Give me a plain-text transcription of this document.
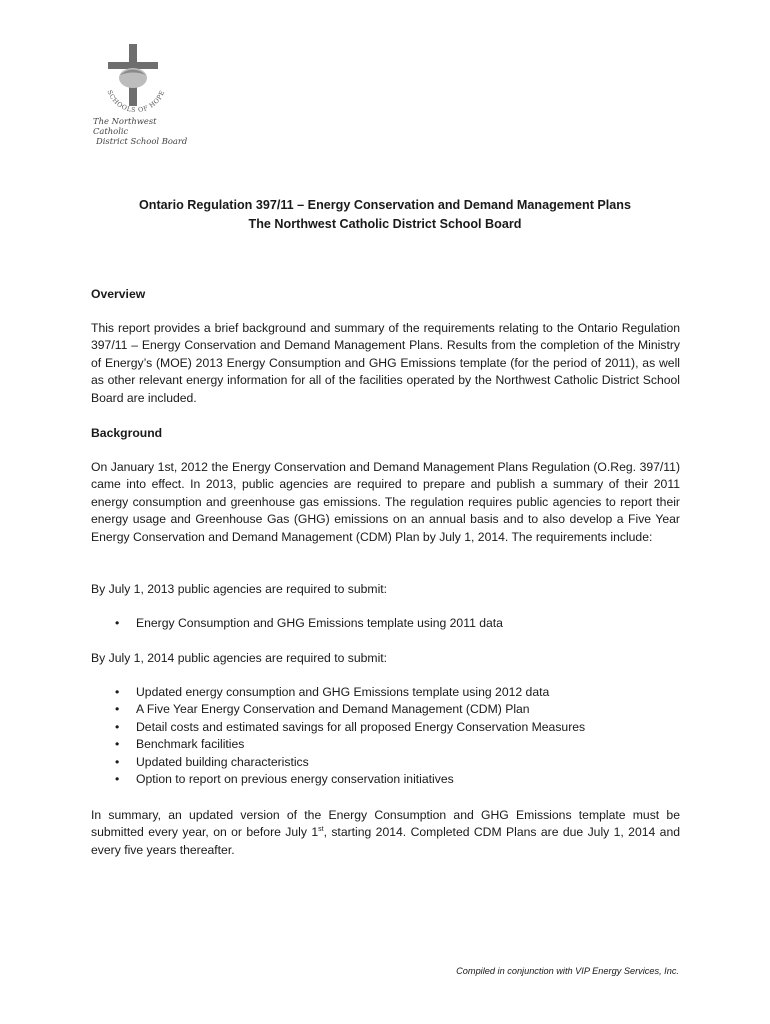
SCHOOLS OF HOPE
The Northwest Catholic
District School Board
Ontario Regulation 397/11 – Energy Conservation and Demand Management Plans
The Northwest Catholic District School Board
Overview
This report provides a brief background and summary of the requirements relating to the Ontario Regulation 397/11 – Energy Conservation and Demand Management Plans. Results from the completion of the Ministry of Energy’s (MOE) 2013 Energy Consumption and GHG Emissions template (for the period of 2011), as well as other relevant energy information for all of the facilities operated by the Northwest Catholic District School Board are included.
Background
On January 1st, 2012 the Energy Conservation and Demand Management Plans Regulation (O.Reg. 397/11) came into effect. In 2013, public agencies are required to prepare and publish a summary of their 2011 energy consumption and greenhouse gas emissions. The regulation requires public agencies to report their energy usage and Greenhouse Gas (GHG) emissions on an annual basis and to also develop a Five Year Energy Conservation and Demand Management (CDM) Plan by July 1, 2014. The requirements include:
By July 1, 2013 public agencies are required to submit:
• Energy Consumption and GHG Emissions template using 2011 data
By July 1, 2014 public agencies are required to submit:
• Updated energy consumption and GHG Emissions template using 2012 data
• A Five Year Energy Conservation and Demand Management (CDM) Plan
• Detail costs and estimated savings for all proposed Energy Conservation Measures
• Benchmark facilities
• Updated building characteristics
• Option to report on previous energy conservation initiatives
In summary, an updated version of the Energy Consumption and GHG Emissions template must be submitted every year, on or before July 1st, starting 2014. Completed CDM Plans are due July 1, 2014 and every five years thereafter.
Compiled in conjunction with VIP Energy Services, Inc.
